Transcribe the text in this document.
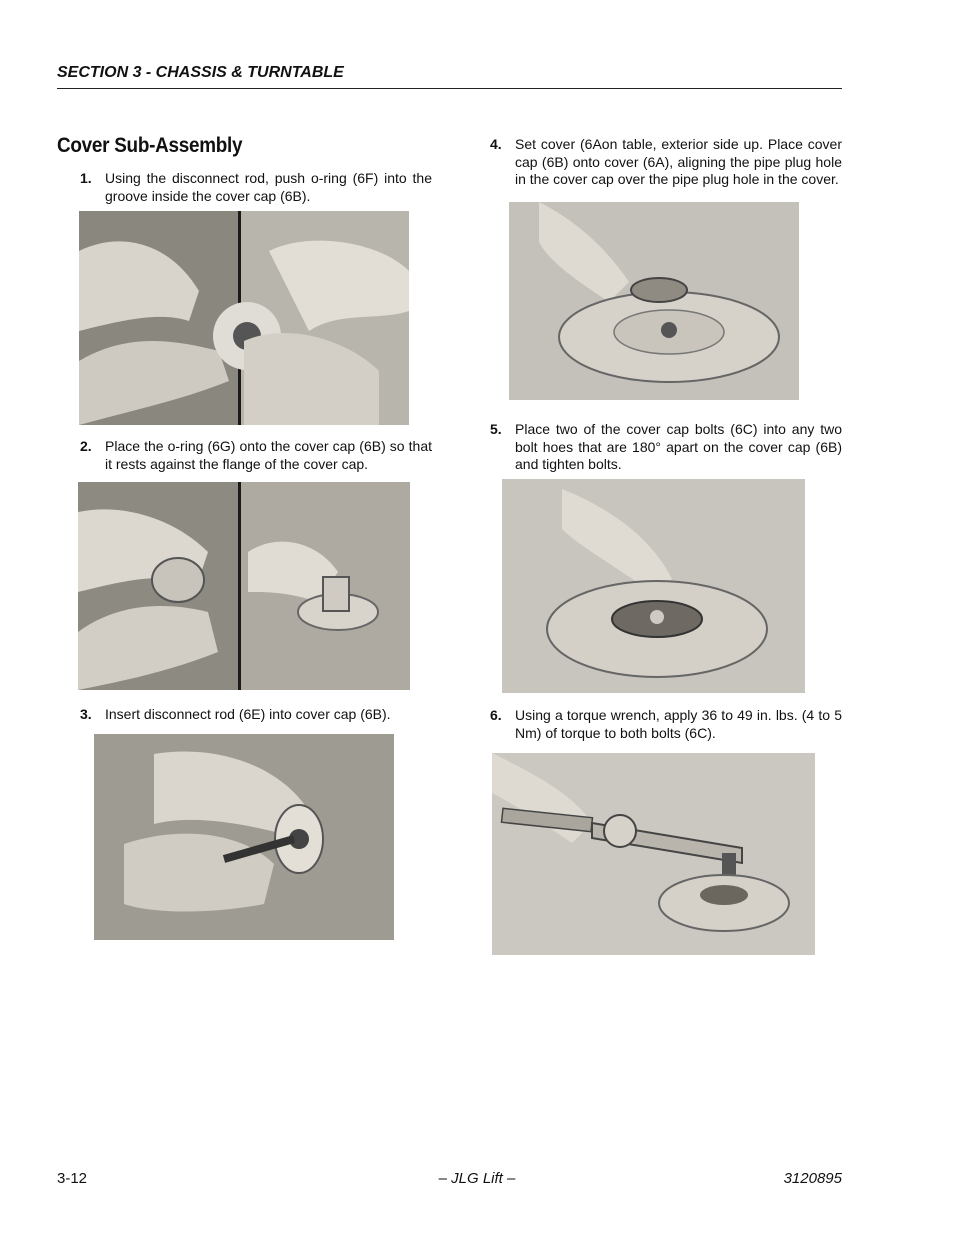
SECTION 3 - CHASSIS & TURNTABLE
Cover Sub-Assembly
1. Using the disconnect rod, push o-ring (6F) into the groove inside the cover cap (6B).
2. Place the o-ring (6G) onto the cover cap (6B) so that it rests against the flange of the cover cap.
3. Insert disconnect rod (6E) into cover cap (6B).
4. Set cover (6Aon table, exterior side up. Place cover cap (6B) onto cover (6A), aligning the pipe plug hole in the cover cap over the pipe plug hole in the cover.
5. Place two of the cover cap bolts (6C) into any two bolt hoes that are 180° apart on the cover cap (6B) and tighten bolts.
6. Using a torque wrench, apply 36 to 49 in. lbs. (4 to 5 Nm) of torque to both bolts (6C).
3-12	– JLG Lift –	3120895
